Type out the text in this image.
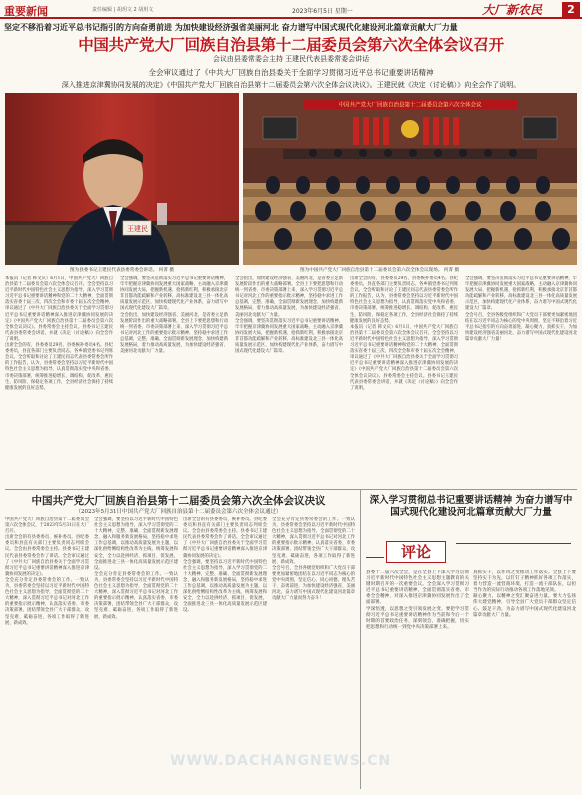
重要新闻	责任编辑 | 胡玥文 2 胡玥文	2023年6月5日 星期一	大厂新农民	2
坚定不移沿着习近平总书记指引的方向奋勇前进 为加快建设经济强省美丽河北 奋力谱写中国式现代化建设河北篇章贡献大厂力量
中国共产党大厂回族自治县第十二届委员会第六次全体会议召开
会议由县委常委会主持 王建民代表县委常委会讲话
全会审议通过了《中共大厂回族自治县委关于全面学习贯彻习近平总书记重要讲话精神
深入推进京津冀协同发展的决定》《中国共产党大厂回族自治县第十二届委员会第六次全体会议决议》。王建民就《决定（讨论稿）》向全会作了说明。
王建民
中国共产党大厂回族自治县第十二届委员会第六次全体会议
图为县委书记王建民代表县委常委会讲话。 何菁 摄	图为中国共产党大厂回族自治县第十二届委员会第六次全体会议现场。 何菁 摄

本报讯（记者 韩文庆）6月1日，中国共产党大厂回族自治县第十二届委员会第六次全体会议召开。全会坚持以习近平新时代中国特色社会主义思想为指导，深入学习贯彻习近平总书记重要讲话精神和党的二十大精神，全面贯彻落实省委十届三次、四次全会和市委十届五次全会精神，审议通过了《中共大厂回族自治县委关于全面学习贯彻习近平总书记重要讲话精神深入推进京津冀协同发展的决定》《中国共产党大厂回族自治县第十二届委员会第六次全体会议决议》。县委常委会主持会议。县委书记王建民代表县委常委会讲话，并就《决定（讨论稿）》向全会作了说明。

出席全会的有，县委委员29名，县委候补委员4名。县纪委委员，县直各部门主要负责同志，各乡镇党委书记列席会议。全会听取和讨论了王建民同志代表县委常委会所作的工作报告，认为，县委常委会坚持以习近平新时代中国特色社会主义思想为指导，认真贯彻落实党中央和省委、市委决策部署，统筹推进稳增长、调结构、促改革、惠民生、防风险、保稳定各项工作，全县经济社会保持了持续健康发展的良好态势。

全会强调，要坚决贯彻落实习近平总书记重要讲话精神，牢牢把握京津冀协同发展重大国家战略，主动融入京津冀协同发展大局，把握新机遇、抢抓新红利，积极承接北京非首都功能疏解和产业转移，高标准建设北三县一体化高质量发展示范区，加快构建现代化产业体系，奋力谱写中国式现代化建设大厂篇章。

全会指出，加快建设经济强省、美丽河北，是省委立足新发展阶段作出的重大战略部署。全县上下要把思想和行动统一到省委、市委决策部署上来，深入学习贯彻习近平总书记对河北工作的重要指示批示精神，坚持稳中求进工作总基调，完整、准确、全面贯彻新发展理念，加快构建新发展格局，着力推动高质量发展，为加快建设经济强省、美丽河北贡献大厂力量。

全会指出，加快建设经济强省、美丽河北，是省委立足新发展阶段作出的重大战略部署。全县上下要把思想和行动统一到省委、市委决策部署上来，深入学习贯彻习近平总书记对河北工作的重要指示批示精神，坚持稳中求进工作总基调，完整、准确、全面贯彻新发展理念，加快构建新发展格局，着力推动高质量发展，为加快建设经济强省、美丽河北贡献大厂力量。

全会强调，要坚决贯彻落实习近平总书记重要讲话精神，牢牢把握京津冀协同发展重大国家战略，主动融入京津冀协同发展大局，把握新机遇、抢抓新红利，积极承接北京非首都功能疏解和产业转移，高标准建设北三县一体化高质量发展示范区，加快构建现代化产业体系，奋力谱写中国式现代化建设大厂篇章。

出席全会的有，县委委员29名，县委候补委员4名。县纪委委员，县直各部门主要负责同志，各乡镇党委书记列席会议。全会听取和讨论了王建民同志代表县委常委会所作的工作报告，认为，县委常委会坚持以习近平新时代中国特色社会主义思想为指导，认真贯彻落实党中央和省委、市委决策部署，统筹推进稳增长、调结构、促改革、惠民生、防风险、保稳定各项工作，全县经济社会保持了持续健康发展的良好态势。

本报讯（记者 韩文庆）6月1日，中国共产党大厂回族自治县第十二届委员会第六次全体会议召开。全会坚持以习近平新时代中国特色社会主义思想为指导，深入学习贯彻习近平总书记重要讲话精神和党的二十大精神，全面贯彻落实省委十届三次、四次全会和市委十届五次全会精神，审议通过了《中共大厂回族自治县委关于全面学习贯彻习近平总书记重要讲话精神深入推进京津冀协同发展的决定》《中国共产党大厂回族自治县第十二届委员会第六次全体会议决议》。县委常委会主持会议。县委书记王建民代表县委常委会讲话，并就《决定（讨论稿）》向全会作了说明。

全会强调，要坚决贯彻落实习近平总书记重要讲话精神，牢牢把握京津冀协同发展重大国家战略，主动融入京津冀协同发展大局，把握新机遇、抢抓新红利，积极承接北京非首都功能疏解和产业转移，高标准建设北三县一体化高质量发展示范区，加快构建现代化产业体系，奋力谱写中国式现代化建设大厂篇章。

全会号召，全县各级党组织和广大党员干部要更加紧密地团结在以习近平同志为核心的党中央周围，坚定不移沿着习近平总书记指引的方向奋勇前进，凝心聚力、真抓实干，为加快建设经济强省美丽河北、奋力谱写中国式现代化建设河北篇章贡献大厂力量！

中国共产党大厂回族自治县第十二届委员会第六次全体会议决议
（2023年5月31日中国共产党大厂回族自治县第十二届委员会第六次全体会议通过）

中国共产党大厂回族自治县第十二届委员会第六次全体会议，于2023年5月31日在大厂召开。

出席全会的有县委委员、候补委员。县纪委委员和县直有关部门主要负责同志列席会议。全会由县委常委会主持。县委书记王建民代表县委常委会作了讲话。全会审议通过了《中共大厂回族自治县委关于全面学习贯彻习近平总书记重要讲话精神深入推进京津冀协同发展的决定》。

全会充分肯定县委常委会的工作。一致认为，县委常委会坚持以习近平新时代中国特色社会主义思想为指导，全面贯彻党的二十大精神，深入贯彻习近平总书记对河北工作的重要指示批示精神，认真落实省委、市委决策部署，团结带领全县广大干部群众，攻坚克难、砥砺奋进，各项工作取得了新进展、新成效。

全会强调，要坚持以习近平新时代中国特色社会主义思想为指导，深入学习贯彻党的二十大精神，完整、准确、全面贯彻新发展理念，融入和服务新发展格局，坚持稳中求进工作总基调，以推动高质量发展为主题，以深化供给侧结构性改革为主线，统筹发展和安全，全力以赴拼经济、抓项目、促发展，全面推进北三县一体化高质量发展示范区建设。

全会充分肯定县委常委会的工作。一致认为，县委常委会坚持以习近平新时代中国特色社会主义思想为指导，全面贯彻党的二十大精神，深入贯彻习近平总书记对河北工作的重要指示批示精神，认真落实省委、市委决策部署，团结带领全县广大干部群众，攻坚克难、砥砺奋进，各项工作取得了新进展、新成效。

出席全会的有县委委员、候补委员。县纪委委员和县直有关部门主要负责同志列席会议。全会由县委常委会主持。县委书记王建民代表县委常委会作了讲话。全会审议通过了《中共大厂回族自治县委关于全面学习贯彻习近平总书记重要讲话精神深入推进京津冀协同发展的决定》。

全会强调，要坚持以习近平新时代中国特色社会主义思想为指导，深入学习贯彻党的二十大精神，完整、准确、全面贯彻新发展理念，融入和服务新发展格局，坚持稳中求进工作总基调，以推动高质量发展为主题，以深化供给侧结构性改革为主线，统筹发展和安全，全力以赴拼经济、抓项目、促发展，全面推进北三县一体化高质量发展示范区建设。

全会充分肯定县委常委会的工作。一致认为，县委常委会坚持以习近平新时代中国特色社会主义思想为指导，全面贯彻党的二十大精神，深入贯彻习近平总书记对河北工作的重要指示批示精神，认真落实省委、市委决策部署，团结带领全县广大干部群众，攻坚克难、砥砺奋进，各项工作取得了新进展、新成效。

全会号召，全县各级党组织和广大党员干部要更加紧密地团结在以习近平同志为核心的党中央周围，坚定信心、同心同德，埋头苦干、奋勇前进，为加快建设经济强省、美丽河北，奋力谱写中国式现代化建设河北篇章贡献大厂力量而努力奋斗！

深入学习贯彻总书记重要讲话精神 为奋力谱写中国式现代化建设河北篇章贡献大厂力量
评论

县委十二届六次全会，是在全县上下深入学习贯彻习近平新时代中国特色社会主义思想主题教育的关键时期召开的一次重要会议。全会深入学习贯彻习近平总书记重要讲话精神，全面贯彻落实省委、市委全会精神，对深入推进京津冀协同发展作出了全面部署。

学深悟透，以思想之变引领发展之变。要把学习贯彻习近平总书记重要讲话精神作为当前和今后一个时期的首要政治任务，深刻领会、准确把握，切实把思想和行动统一到党中央决策部署上来。

真抓实干，以作风之变推动工作落实。全县上下要坚持实干为先，以钉钉子精神抓好各项工作落实，着力营造一流营商环境，打造一流干部队伍，以担当作为的实际行动推动各项工作落地见效。

凝心聚力，以精神之变汇聚奋进力量。要大力弘扬伟大建党精神，引导全县广大党员干部群众坚定信心、鼓足干劲，为奋力谱写中国式现代化建设河北篇章贡献大厂力量。

WWW.DACHANGNEWS.CN
